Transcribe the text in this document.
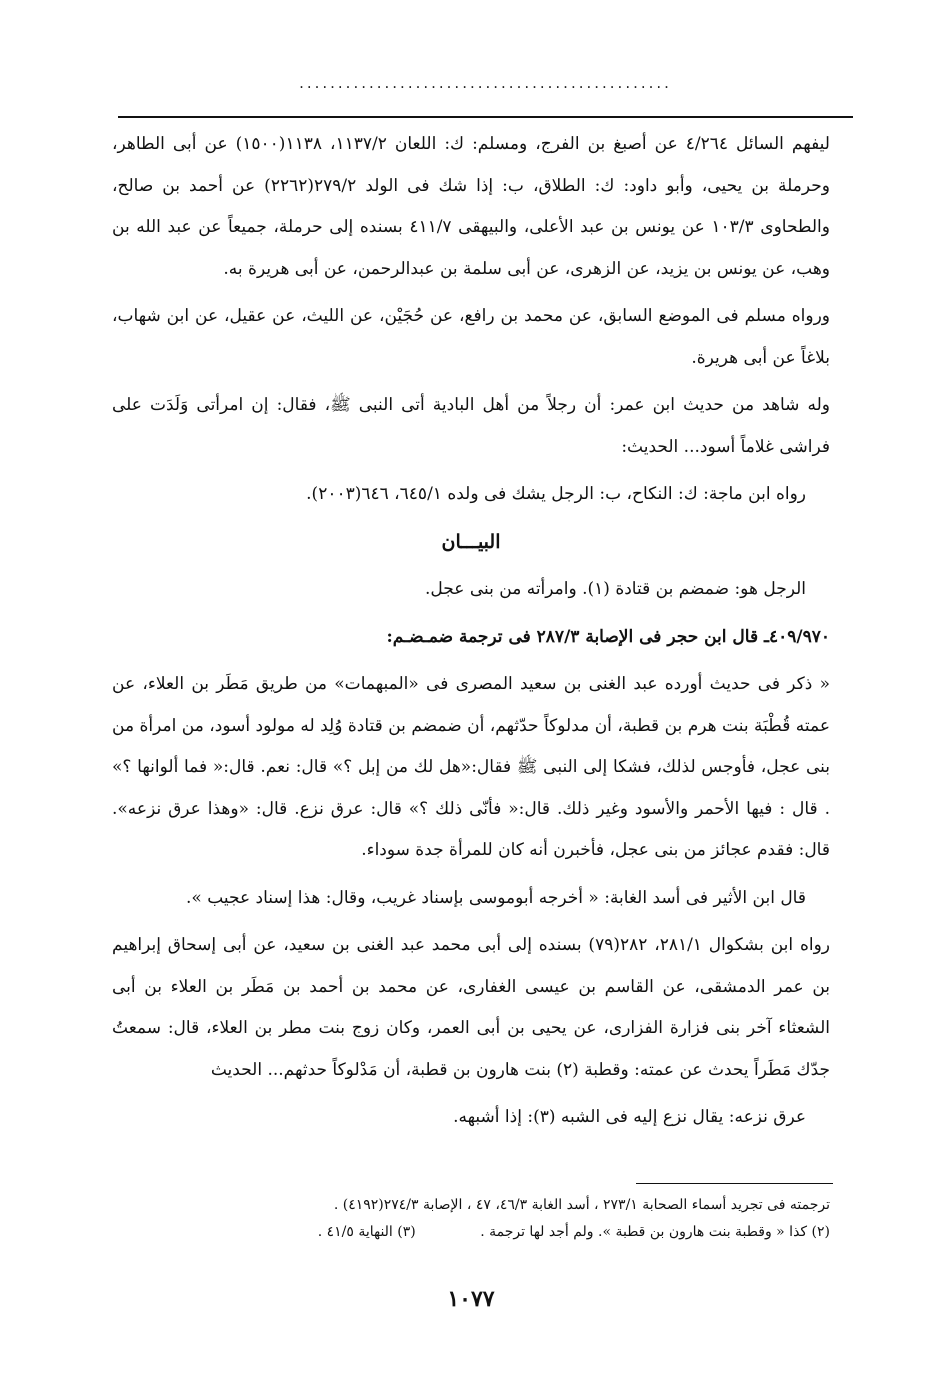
................................................

ليفهم السائل ٤/٢٦٤ عن أصبغ بن الفرج، ومسلم: ك: اللعان ١١٣٧/٢، ١١٣٨(١٥٠٠) عن أبى الطاهر، وحرملة بن يحيى، وأبو داود: ك: الطلاق، ب: إذا شك فى الولد ٢٧٩/٢(٢٢٦٢) عن أحمد بن صالح، والطحاوى ١٠٣/٣ عن يونس بن عبد الأعلى، والبيهقى ٤١١/٧ بسنده إلى حرملة، جميعاً عن عبد الله بن وهب، عن يونس بن يزيد، عن الزهرى، عن أبى سلمة بن عبدالرحمن، عن أبى هريرة به.

ورواه مسلم فى الموضع السابق، عن محمد بن رافع، عن حُجَيْن، عن الليث، عن عقيل، عن ابن شهاب، بلاغاً عن أبى هريرة.

وله شاهد من حديث ابن عمر: أن رجلاً من أهل البادية أتى النبى ﷺ، فقال: إن امرأتى وَلَدَت على فراشى غلاماً أسود... الحديث:

رواه ابن ماجة: ك: النكاح، ب: الرجل يشك فى ولده ٦٤٥/١، ٦٤٦(٢٠٠٣).

البيـــان

الرجل هو: ضمضم بن قتادة (١). وامرأته من بنى عجل.

٤٠٩/٩٧٠ـ قال ابن حجر فى الإصابة ٢٨٧/٣ فى ترجمة ضمـضـم:

« ذكر فى حديث أورده عبد الغنى بن سعيد المصرى فى «المبهمات» من طريق مَطَر بن العلاء، عن عمته قُطْبَة بنت هرم بن قطبة، أن مدلوكاً حدّثهم، أن ضمضم بن قتادة وُلِد له مولود أسود، من امرأة من بنى عجل، فأوجس لذلك، فشكا إلى النبى ﷺ فقال:«هل لك من إبل ؟» قال: نعم. قال:« فما ألوانها ؟» . قال : فيها الأحمر والأسود وغير ذلك. قال:« فأنّى ذلك ؟» قال: عرق نزع. قال: «وهذا عرق نزعه». قال: فقدم عجائز من بنى عجل، فأخبرن أنه كان للمرأة جدة سوداء.

قال ابن الأثير فى أسد الغابة: « أخرجه أبوموسى بإسناد غريب، وقال: هذا إسناد عجيب ».

رواه ابن بشكوال ٢٨١/١، ٢٨٢(٧٩) بسنده إلى أبى محمد عبد الغنى بن سعيد، عن أبى إسحاق إبراهيم بن عمر الدمشقى، عن القاسم بن عيسى الغفارى، عن محمد بن أحمد بن مَطَر بن العلاء بن أبى الشعثاء آخر بنى فزارة الفزارى، عن يحيى بن أبى العمر، وكان زوج بنت مطر بن العلاء، قال: سمعتُ جدّك مَطَراً يحدث عن عمته: وقطبة (٢) بنت هارون بن قطبة، أن مَدْلوكاً حدثهم... الحديث

عرق نزعه: يقال نزع إليه فى الشبه (٣): إذا أشبهه.

ترجمته فى تجريد أسماء الصحابة ٢٧٣/١ ، أسد الغابة ٤٦/٣، ٤٧ ، الإصابة ٢٧٤/٣(٤١٩٢) .

(٢) كذا « وقطبة بنت هارون بن قطبة ». ولم أجد لها ترجمة . (٣) النهاية ٤١/٥ .

١٠٧٧
